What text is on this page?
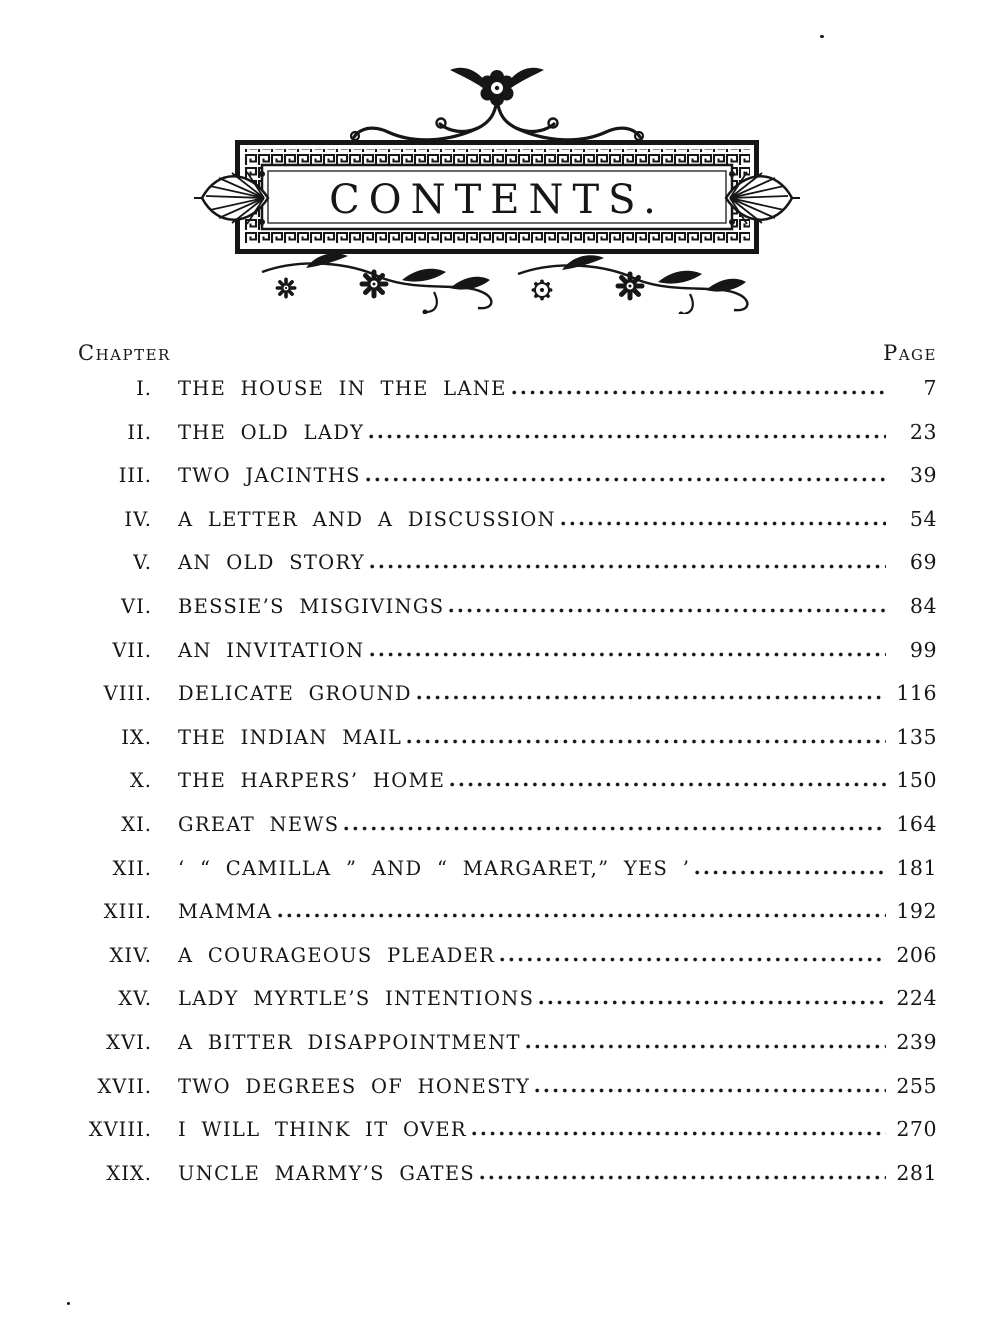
CONTENTS.
Chapter	Page
I. THE HOUSE IN THE LANE	7
II. THE OLD LADY	23
III. TWO JACINTHS	39
IV. A LETTER AND A DISCUSSION	54
V. AN OLD STORY	69
VI. BESSIE’S MISGIVINGS	84
VII. AN INVITATION	99
VIII. DELICATE GROUND	116
IX. THE INDIAN MAIL	135
X. THE HARPERS’ HOME	150
XI. GREAT NEWS	164
XII. ‘ “ CAMILLA ” AND “ MARGARET,” YES ’	181
XIII. MAMMA	192
XIV. A COURAGEOUS PLEADER	206
XV. LADY MYRTLE’S INTENTIONS	224
XVI. A BITTER DISAPPOINTMENT	239
XVII. TWO DEGREES OF HONESTY	255
XVIII. I WILL THINK IT OVER	270
XIX. UNCLE MARMY’S GATES	281
